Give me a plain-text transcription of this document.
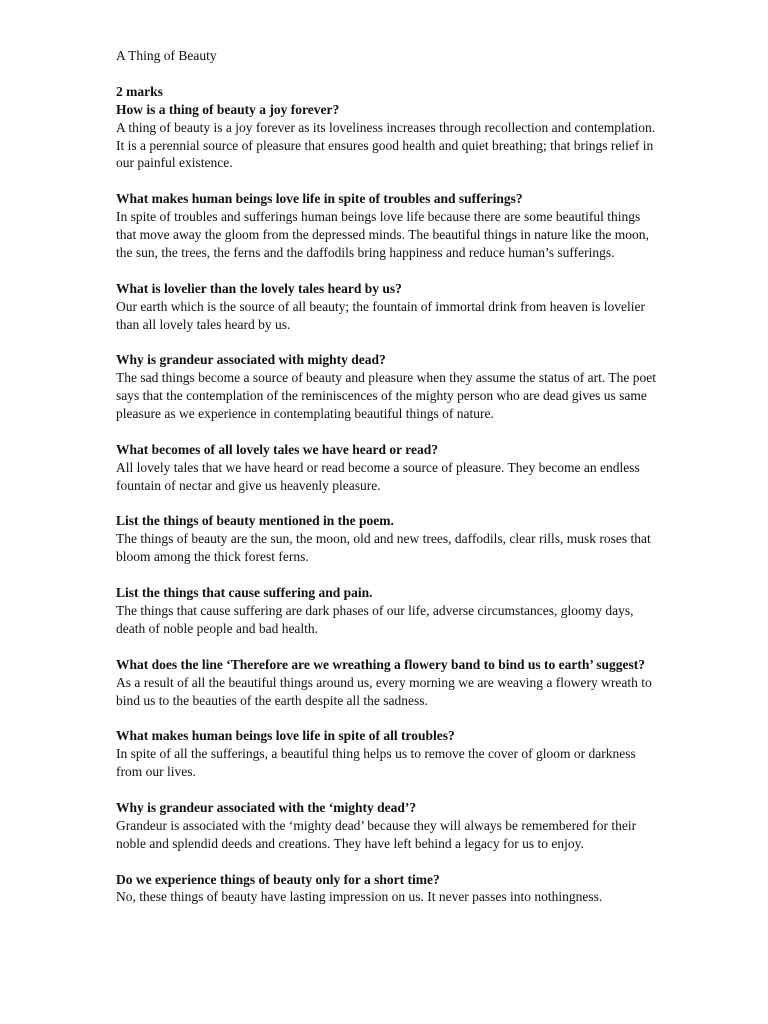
A Thing of Beauty

2 marks

How is a thing of beauty a joy forever?

A thing of beauty is a joy forever as its loveliness increases through recollection and contemplation. It is a perennial source of pleasure that ensures good health and quiet breathing; that brings relief in our painful existence.

What makes human beings love life in spite of troubles and sufferings?

In spite of troubles and sufferings human beings love life because there are some beautiful things that move away the gloom from the depressed minds. The beautiful things in nature like the moon, the sun, the trees, the ferns and the daffodils bring happiness and reduce human’s sufferings.

What is lovelier than the lovely tales heard by us?

Our earth which is the source of all beauty; the fountain of immortal drink from heaven is lovelier than all lovely tales heard by us.

Why is grandeur associated with mighty dead?

The sad things become a source of beauty and pleasure when they assume the status of art. The poet says that the contemplation of the reminiscences of the mighty person who are dead gives us same pleasure as we experience in contemplating beautiful things of nature.

What becomes of all lovely tales we have heard or read?

All lovely tales that we have heard or read become a source of pleasure. They become an endless fountain of nectar and give us heavenly pleasure.

List the things of beauty mentioned in the poem.

The things of beauty are the sun, the moon, old and new trees, daffodils, clear rills, musk roses that bloom among the thick forest ferns.

List the things that cause suffering and pain.

The things that cause suffering are dark phases of our life, adverse circumstances, gloomy days, death of noble people and bad health.

What does the line ‘Therefore are we wreathing a flowery band to bind us to earth’ suggest?

As a result of all the beautiful things around us, every morning we are weaving a flowery wreath to bind us to the beauties of the earth despite all the sadness.

What makes human beings love life in spite of all troubles?

In spite of all the sufferings, a beautiful thing helps us to remove the cover of gloom or darkness from our lives.

Why is grandeur associated with the ‘mighty dead’?

Grandeur is associated with the ‘mighty dead’ because they will always be remembered for their noble and splendid deeds and creations. They have left behind a legacy for us to enjoy.

Do we experience things of beauty only for a short time?

No, these things of beauty have lasting impression on us. It never passes into nothingness.
